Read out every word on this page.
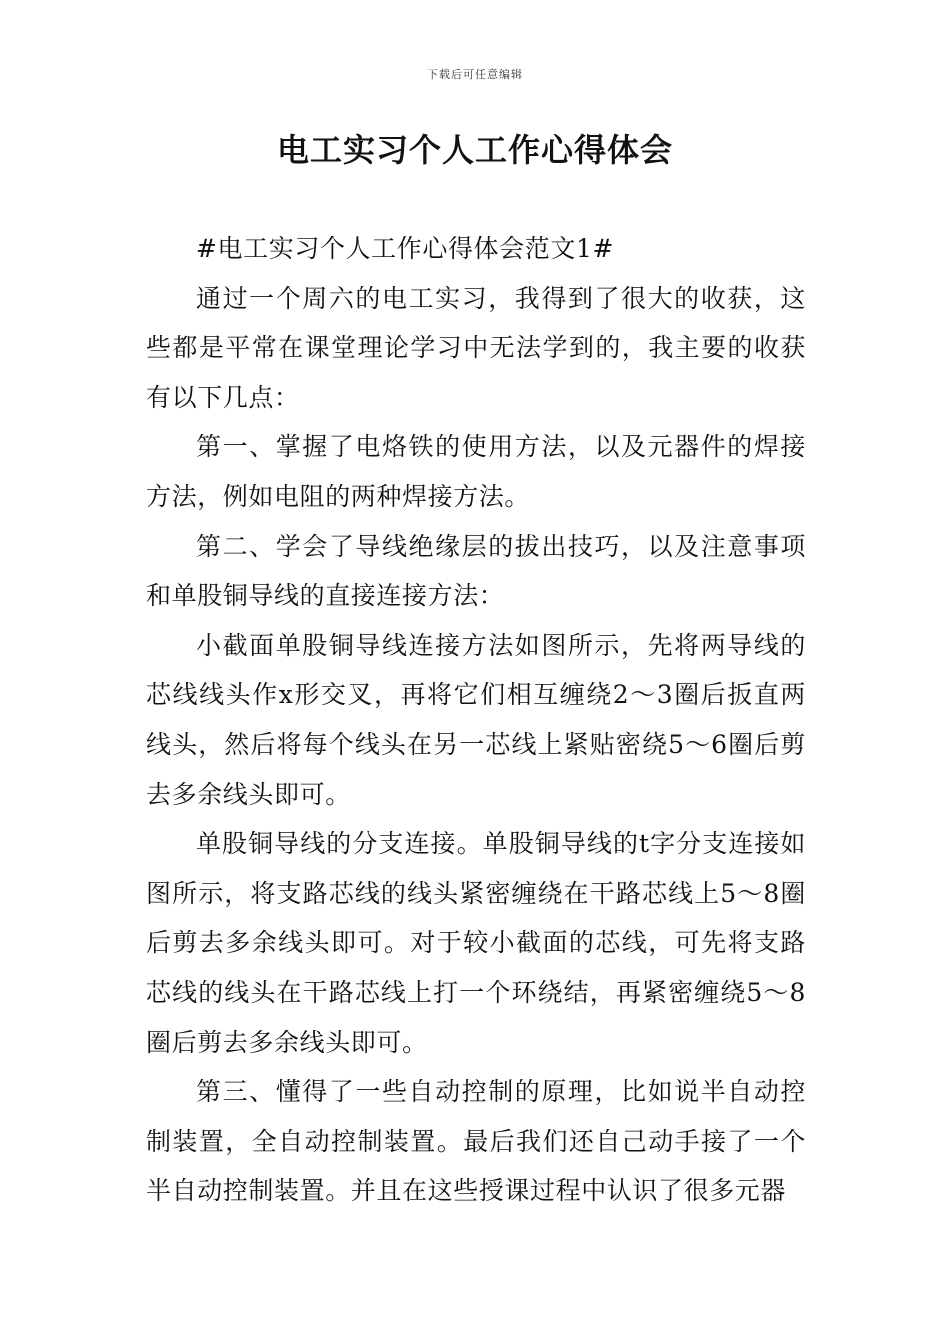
下载后可任意编辑
电工实习个人工作心得体会

#电工实习个人工作心得体会范文1#

通过一个周六的电工实习，我得到了很大的收获，这些都是平常在课堂理论学习中无法学到的，我主要的收获有以下几点：

第一、掌握了电烙铁的使用方法，以及元器件的焊接方法，例如电阻的两种焊接方法。

第二、学会了导线绝缘层的拔出技巧，以及注意事项和单股铜导线的直接连接方法：

小截面单股铜导线连接方法如图所示，先将两导线的芯线线头作x形交叉，再将它们相互缠绕2～3圈后扳直两线头，然后将每个线头在另一芯线上紧贴密绕5～6圈后剪去多余线头即可。

单股铜导线的分支连接。单股铜导线的t字分支连接如图所示，将支路芯线的线头紧密缠绕在干路芯线上5～8圈后剪去多余线头即可。对于较小截面的芯线，可先将支路芯线的线头在干路芯线上打一个环绕结，再紧密缠绕5～8圈后剪去多余线头即可。

第三、懂得了一些自动控制的原理，比如说半自动控制装置，全自动控制装置。最后我们还自己动手接了一个半自动控制装置。并且在这些授课过程中认识了很多元器
